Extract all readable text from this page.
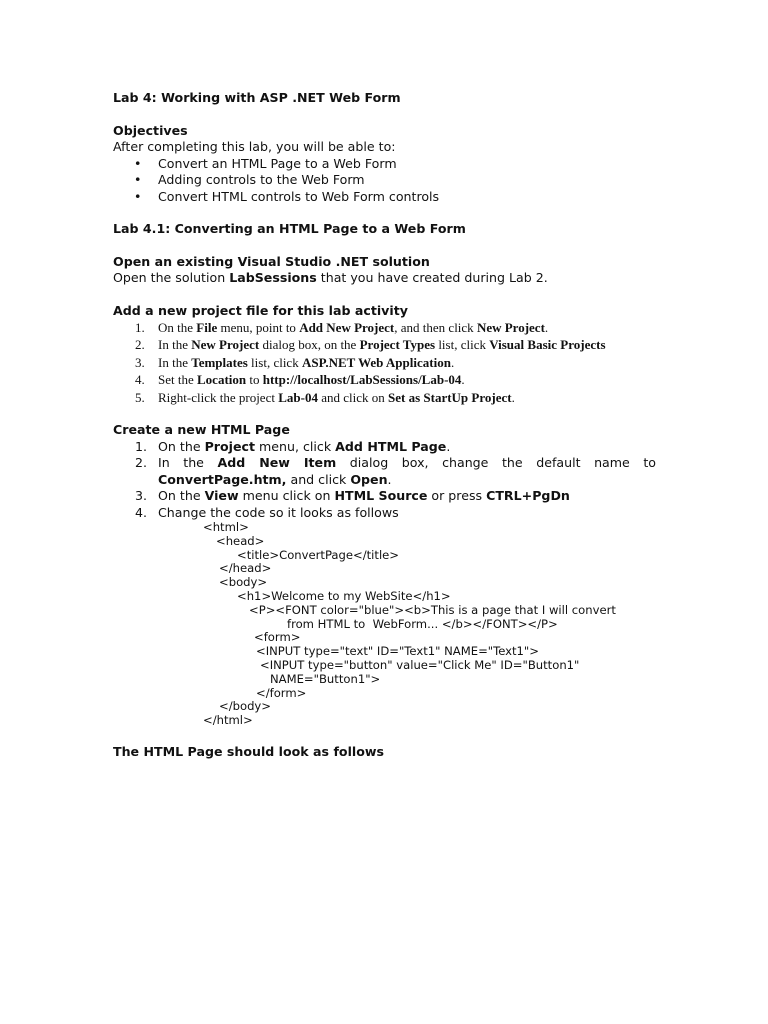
Lab 4: Working with ASP .NET Web Form
Objectives
After completing this lab, you will be able to:
• Convert an HTML Page to a Web Form
• Adding controls to the Web Form
• Convert HTML controls to Web Form controls
Lab 4.1: Converting an HTML Page to a Web Form
Open an existing Visual Studio .NET solution
Open the solution LabSessions that you have created during Lab 2.
Add a new project file for this lab activity
1. On the File menu, point to Add New Project, and then click New Project.
2. In the New Project dialog box, on the Project Types list, click Visual Basic Projects
3. In the Templates list, click ASP.NET Web Application.
4. Set the Location to http://localhost/LabSessions/Lab-04.
5. Right-click the project Lab-04 and click on Set as StartUp Project.
Create a new HTML Page
1. On the Project menu, click Add HTML Page.
2. In the Add New Item dialog box, change the default name to
ConvertPage.htm, and click Open.
3. On the View menu click on HTML Source or press CTRL+PgDn
4. Change the code so it looks as follows
<html>
<head>
<title>ConvertPage</title>
</head>
<body>
<h1>Welcome to my WebSite</h1>
<P><FONT color="blue"><b>This is a page that I will convert
from HTML to  WebForm... </b></FONT></P>
<form>
<INPUT type="text" ID="Text1" NAME="Text1">
<INPUT type="button" value="Click Me" ID="Button1"
NAME="Button1">
</form>
</body>
</html>
The HTML Page should look as follows
